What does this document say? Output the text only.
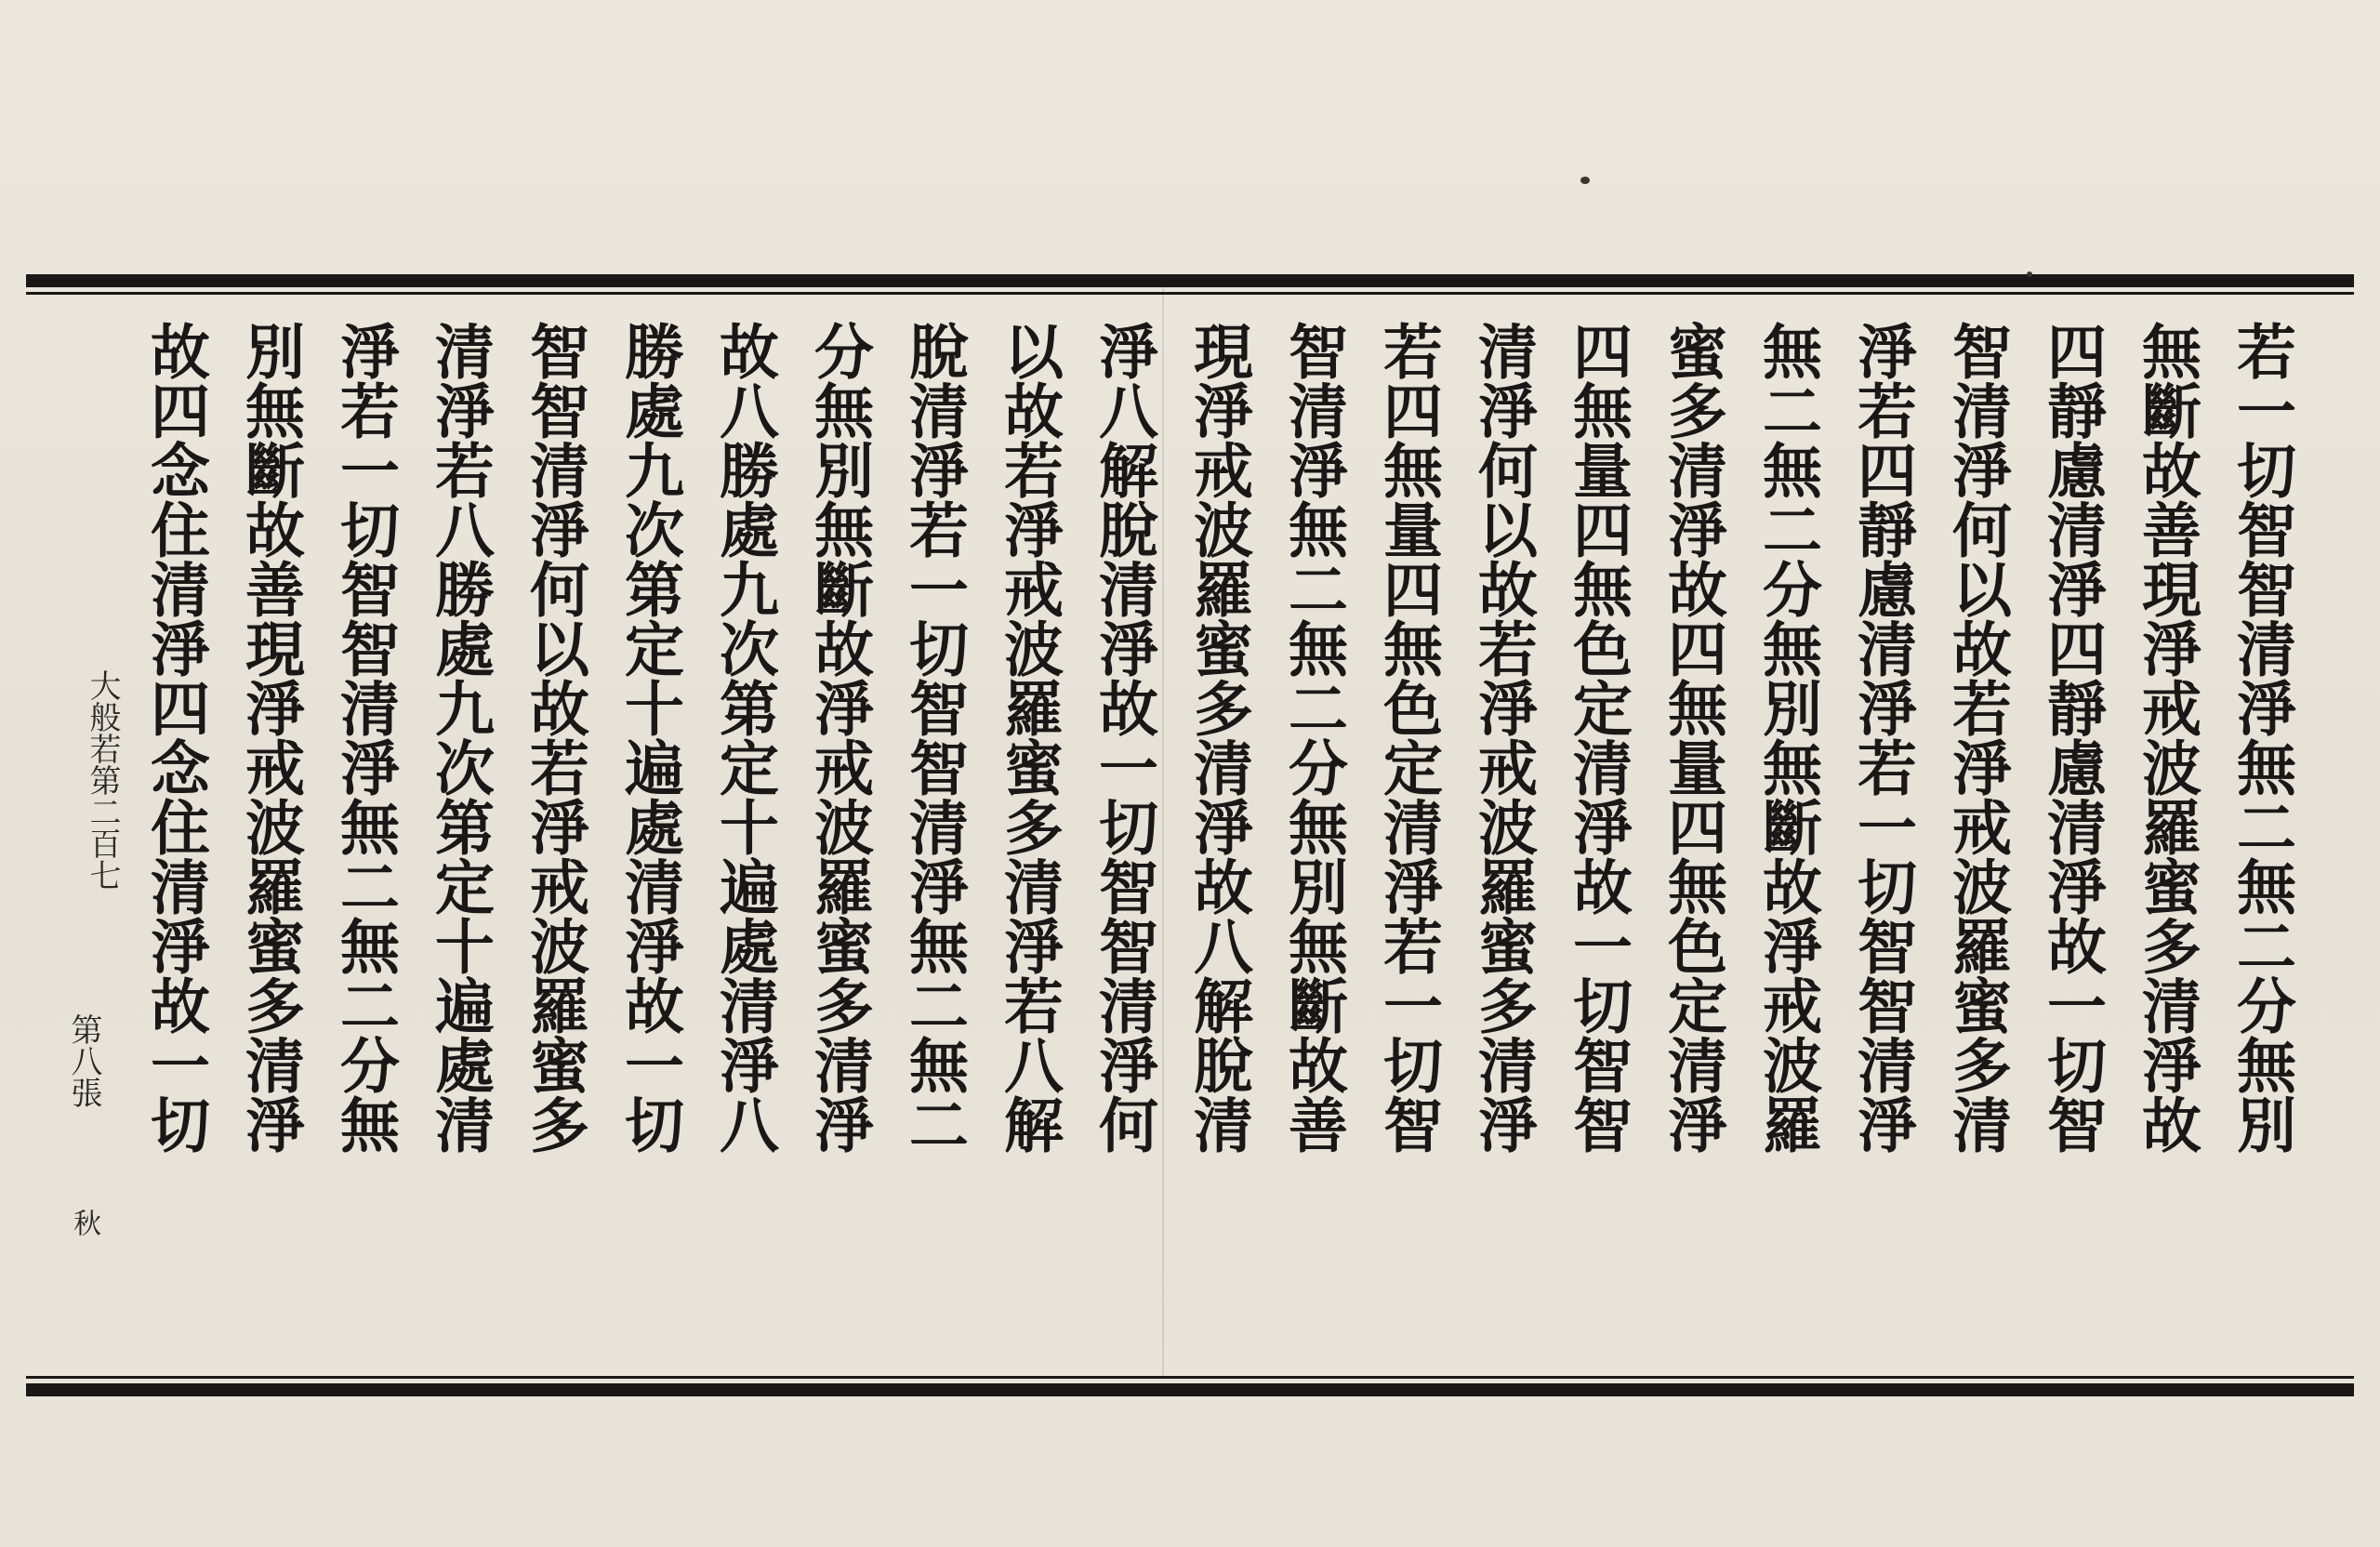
若一切智智清淨無二無二分無別
無斷故善現淨戒波羅蜜多清淨故
四靜慮清淨四靜慮清淨故一切智
智清淨何以故若淨戒波羅蜜多清
淨若四靜慮清淨若一切智智清淨
無二無二分無別無斷故淨戒波羅
蜜多清淨故四無量四無色定清淨
四無量四無色定清淨故一切智智
清淨何以故若淨戒波羅蜜多清淨
若四無量四無色定清淨若一切智
智清淨無二無二分無別無斷故善
現淨戒波羅蜜多清淨故八解脫清
淨八解脫清淨故一切智智清淨何
以故若淨戒波羅蜜多清淨若八解
脫清淨若一切智智清淨無二無二
分無別無斷故淨戒波羅蜜多清淨
故八勝處九次第定十遍處清淨八
勝處九次第定十遍處清淨故一切
智智清淨何以故若淨戒波羅蜜多
清淨若八勝處九次第定十遍處清
淨若一切智智清淨無二無二分無
別無斷故善現淨戒波羅蜜多清淨
故四念住清淨四念住清淨故一切
大般若第二百七
第八張
秋
